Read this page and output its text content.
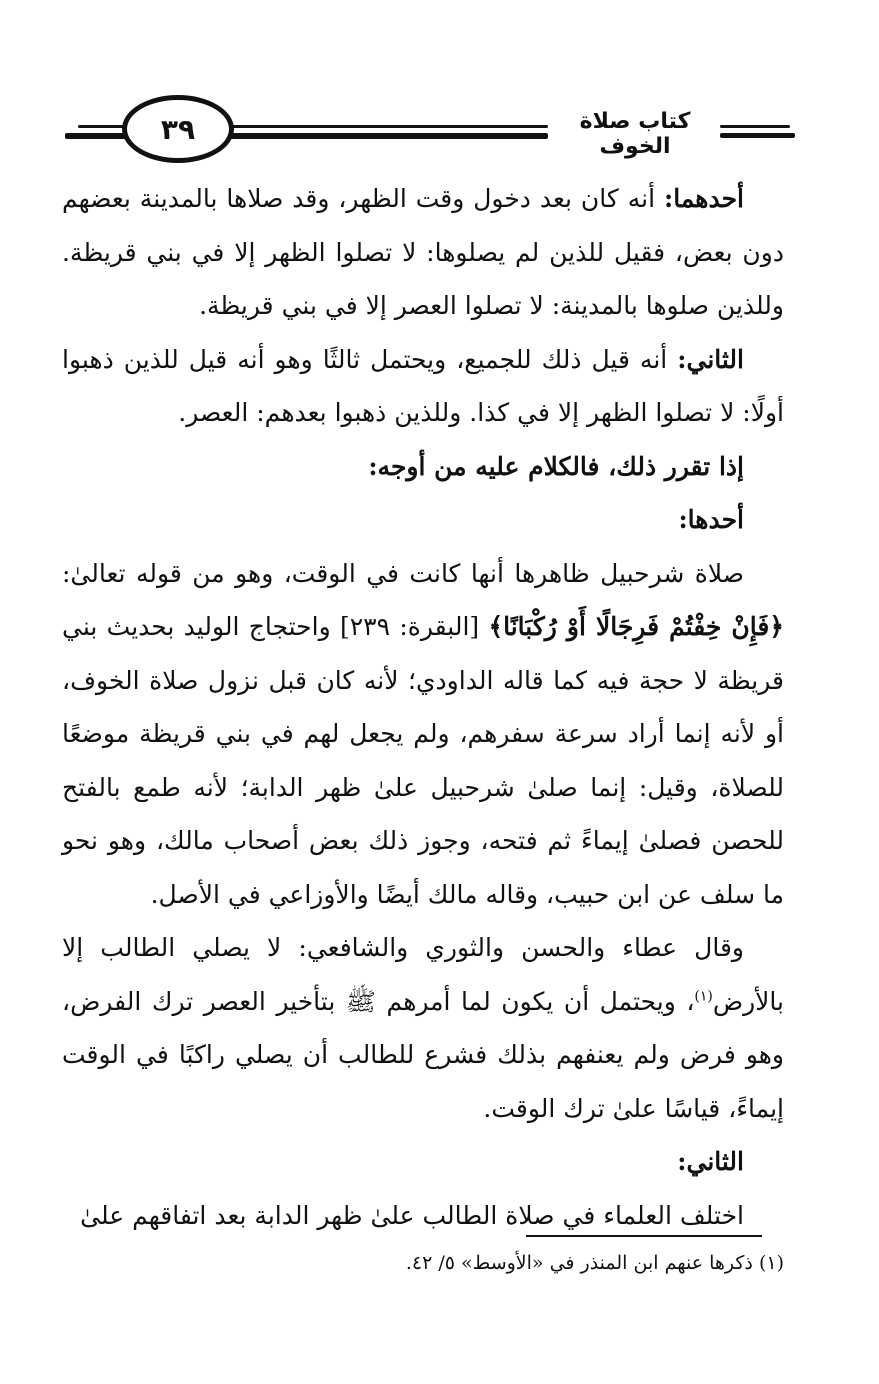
٣٩	كتاب صلاة الخوف

أحدهما: أنه كان بعد دخول وقت الظهر، وقد صلاها بالمدينة بعضهم دون بعض، فقيل للذين لم يصلوها: لا تصلوا الظهر إلا في بني قريظة. وللذين صلوها بالمدينة: لا تصلوا العصر إلا في بني قريظة.

الثاني: أنه قيل ذلك للجميع، ويحتمل ثالثًا وهو أنه قيل للذين ذهبوا أولًا: لا تصلوا الظهر إلا في كذا. وللذين ذهبوا بعدهم: العصر.

إذا تقرر ذلك، فالكلام عليه من أوجه:

أحدها:

صلاة شرحبيل ظاهرها أنها كانت في الوقت، وهو من قوله تعالىٰ: ﴿فَإِنْ خِفْتُمْ فَرِجَالًا أَوْ رُكْبَانًا﴾ [البقرة: ٢٣٩] واحتجاج الوليد بحديث بني قريظة لا حجة فيه كما قاله الداودي؛ لأنه كان قبل نزول صلاة الخوف، أو لأنه إنما أراد سرعة سفرهم، ولم يجعل لهم في بني قريظة موضعًا للصلاة، وقيل: إنما صلىٰ شرحبيل علىٰ ظهر الدابة؛ لأنه طمع بالفتح للحصن فصلىٰ إيماءً ثم فتحه، وجوز ذلك بعض أصحاب مالك، وهو نحو ما سلف عن ابن حبيب، وقاله مالك أيضًا والأوزاعي في الأصل.

وقال عطاء والحسن والثوري والشافعي: لا يصلي الطالب إلا بالأرض$^{(١)}$، ويحتمل أن يكون لما أمرهم ﷺ بتأخير العصر ترك الفرض، وهو فرض ولم يعنفهم بذلك فشرع للطالب أن يصلي راكبًا في الوقت إيماءً، قياسًا علىٰ ترك الوقت.

الثاني:

اختلف العلماء في صلاة الطالب علىٰ ظهر الدابة بعد اتفاقهم علىٰ

(١) ذكرها عنهم ابن المنذر في «الأوسط» ٥/ ٤٢.
